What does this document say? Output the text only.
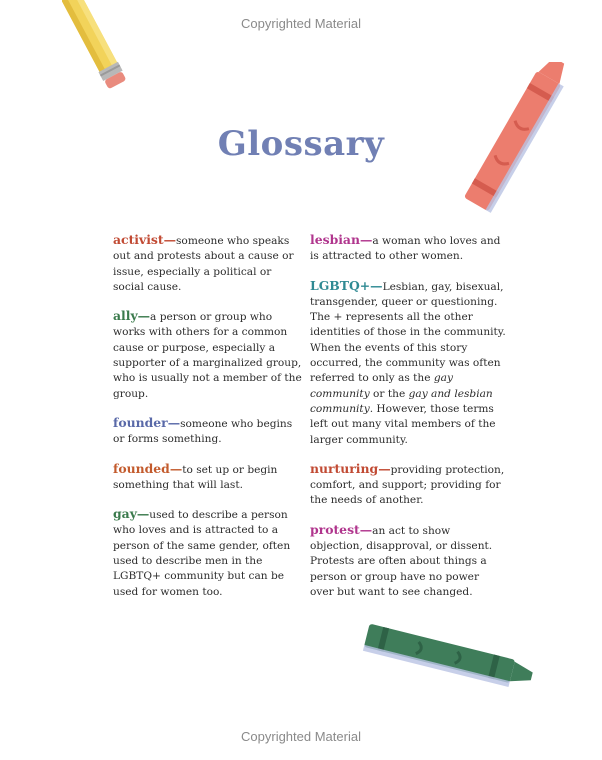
Copyrighted Material
Glossary

activist — someone who speaks out and protests about a cause or issue, especially a political or social cause.

ally — a person or group who works with others for a common cause or purpose, especially a supporter of a marginalized group, who is usually not a member of the group.

founder — someone who begins or forms something.

founded — to set up or begin something that will last.

gay — used to describe a person who loves and is attracted to a person of the same gender, often used to describe men in the LGBTQ+ community but can be used for women too.

lesbian — a woman who loves and is attracted to other women.

LGBTQ+ — Lesbian, gay, bisexual, transgender, queer or questioning. The + represents all the other identities of those in the community. When the events of this story occurred, the community was often referred to only as the gay community or the gay and lesbian community. However, those terms left out many vital members of the larger community.

nurturing — providing protection, comfort, and support; providing for the needs of another.

protest — an act to show objection, disapproval, or dissent. Protests are often about things a person or group have no power over but want to see changed.

Copyrighted Material
